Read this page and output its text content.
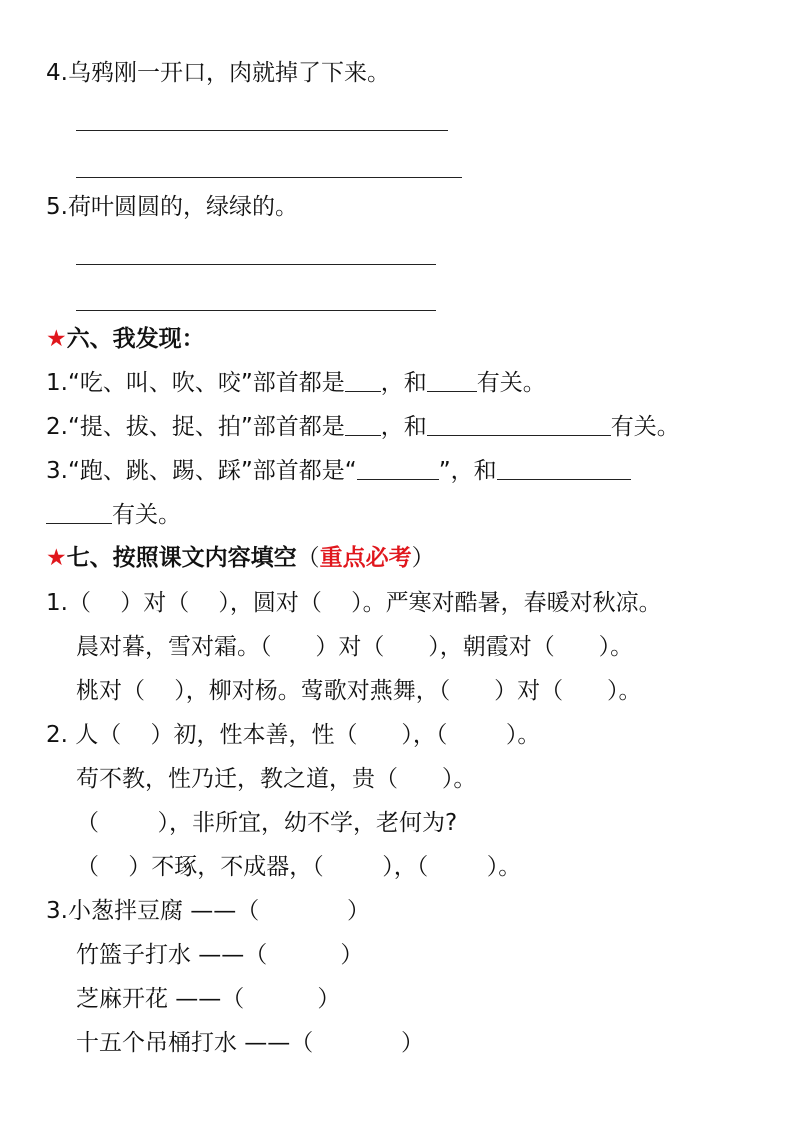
4.乌鸦刚一开口，肉就掉了下来。
5.荷叶圆圆的，绿绿的。
★六、我发现：
1.“吃、叫、吹、咬”部首都是 ，和 有关。
2.“提、拔、捉、拍”部首都是 ，和	有关。
3.“跑、跳、踢、踩”部首都是“	”，和
有关。
★七、按照课文内容填空（重点必考）
1.（    ）对（    ），圆对（    ）。严寒对酷暑，春暖对秋凉。
晨对暮，雪对霜。（      ）对（      ），朝霞对（      ）。
桃对（    ），柳对杨。莺歌对燕舞，（      ）对（      ）。
2. 人（    ）初，性本善，性（      ），（        ）。
苟不教，性乃迁，教之道，贵（      ）。
（        ），非所宜，幼不学，老何为?
（    ）不琢，不成器，（        ），（        ）。
3.小葱拌豆腐 ——（            ）
竹篮子打水 ——（          ）
芝麻开花 ——（          ）
十五个吊桶打水 ——（            ）
